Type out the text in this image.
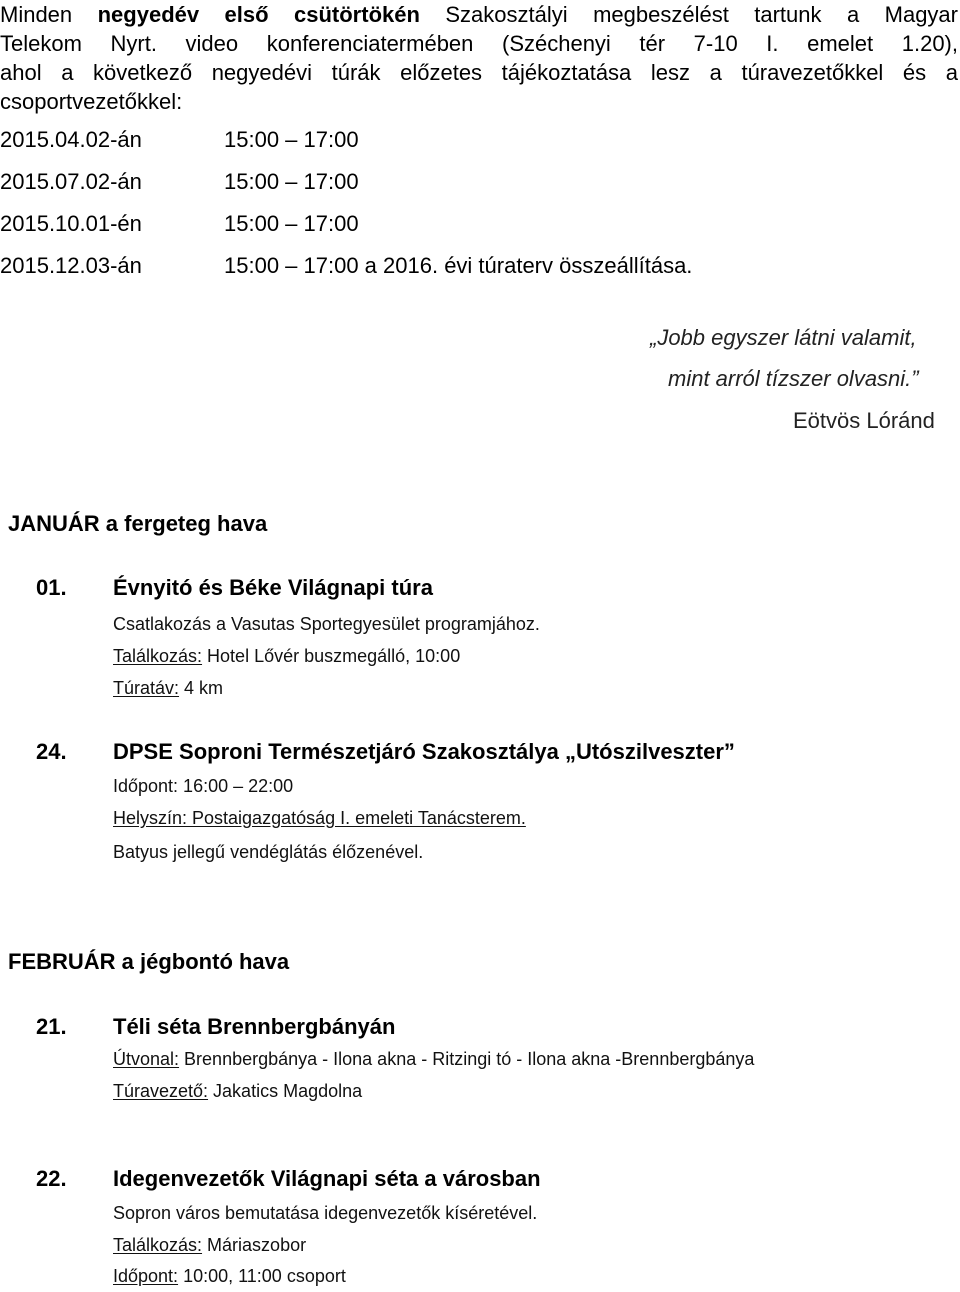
Minden negyedév első csütörtökén Szakosztályi megbeszélést tartunk a Magyar
Telekom Nyrt. video konferenciatermében (Széchenyi tér 7-10 I. emelet 1.20),
ahol a következő negyedévi túrák előzetes tájékoztatása lesz a túravezetőkkel és a
csoportvezetőkkel:
2015.04.02-án	15:00 – 17:00
2015.07.02-án	15:00 – 17:00
2015.10.01-én	15:00 – 17:00
2015.12.03-án	15:00 – 17:00 a 2016. évi túraterv összeállítása.
„Jobb egyszer látni valamit,
mint arról tízszer olvasni.”
Eötvös Lóránd
JANUÁR a fergeteg hava
01. Évnyitó és Béke Világnapi túra
Csatlakozás a Vasutas Sportegyesület programjához.
Találkozás: Hotel Lővér buszmegálló, 10:00
Túratáv: 4 km
24. DPSE Soproni Természetjáró Szakosztálya „Utószilveszter”
Időpont: 16:00 – 22:00
Helyszín: Postaigazgatóság I. emeleti Tanácsterem.
Batyus jellegű vendéglátás élőzenével.
FEBRUÁR a jégbontó hava
21. Téli séta Brennbergbányán
Útvonal: Brennbergbánya - Ilona akna - Ritzingi tó - Ilona akna -Brennbergbánya
Túravezető: Jakatics Magdolna
22. Idegenvezetők Világnapi séta a városban
Sopron város bemutatása idegenvezetők kíséretével.
Találkozás: Máriaszobor
Időpont: 10:00, 11:00 csoport
